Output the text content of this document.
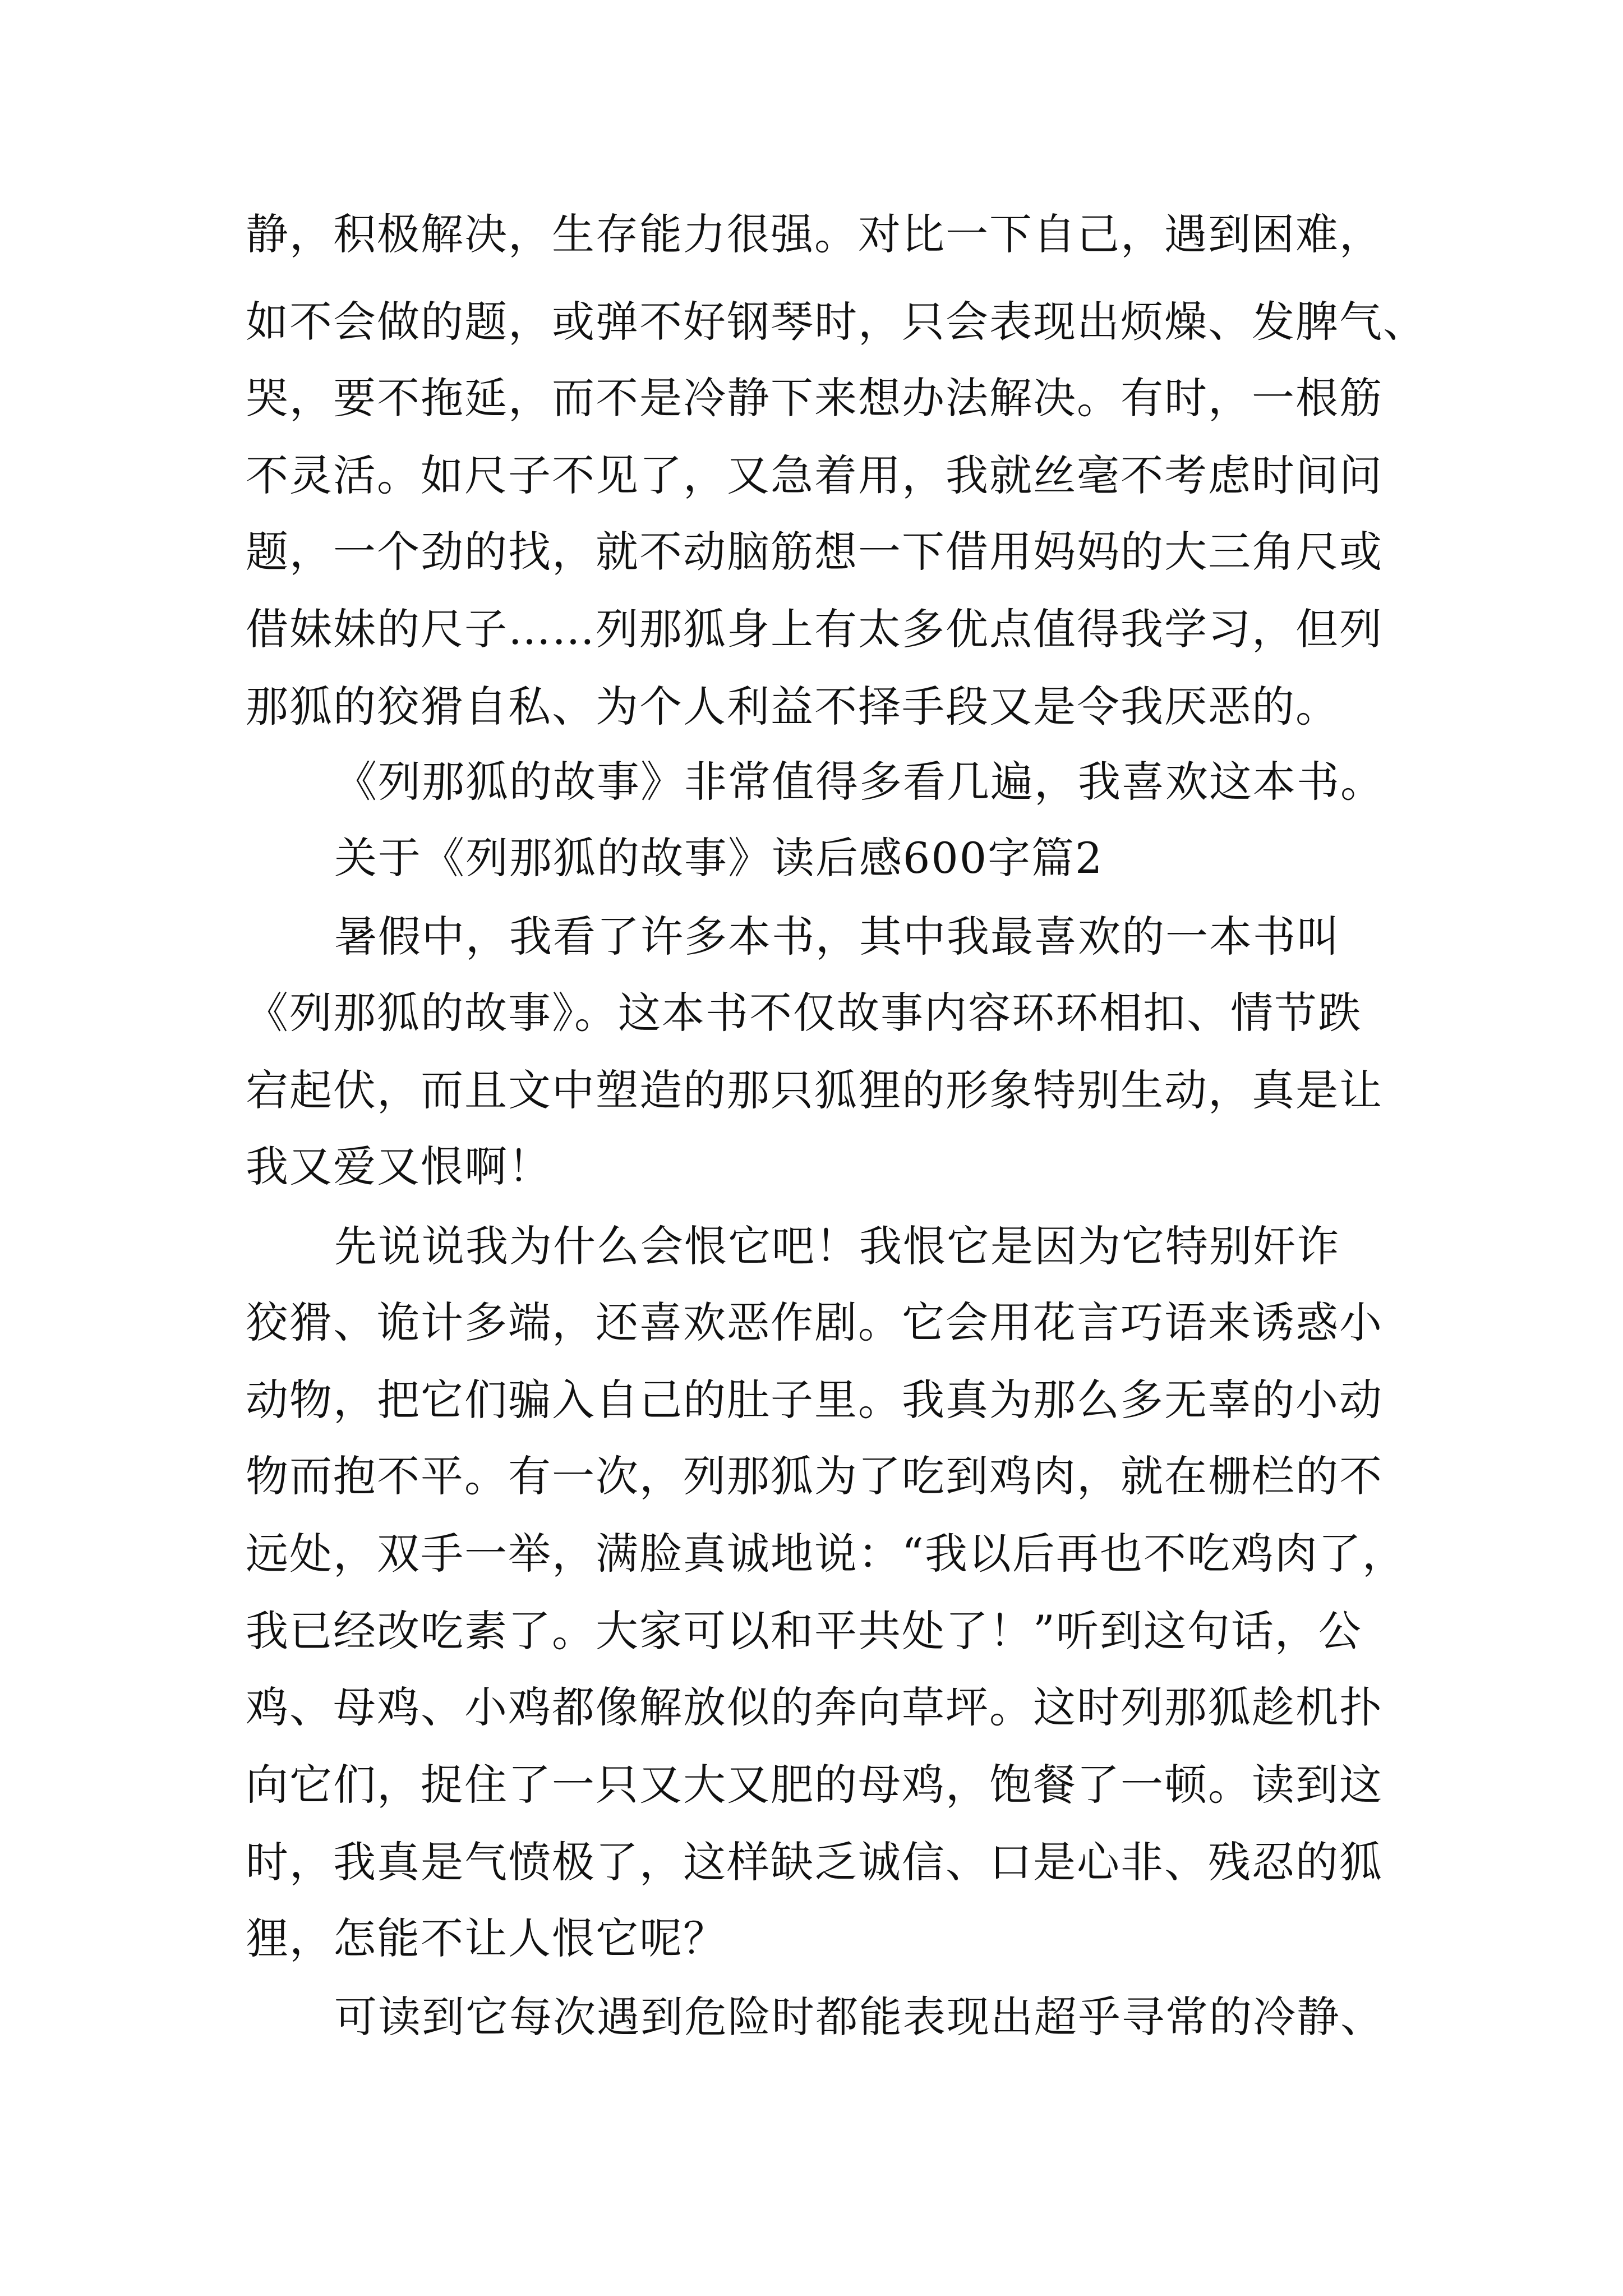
静，积极解决，生存能力很强。对比一下自己，遇到困难，

如不会做的题，或弹不好钢琴时，只会表现出烦燥、发脾气、

哭，要不拖延，而不是冷静下来想办法解决。有时，一根筋

不灵活。如尺子不见了，又急着用，我就丝毫不考虑时间问

题，一个劲的找，就不动脑筋想一下借用妈妈的大三角尺或

借妹妹的尺子……列那狐身上有太多优点值得我学习，但列

那狐的狡猾自私、为个人利益不择手段又是令我厌恶的。

《列那狐的故事》非常值得多看几遍，我喜欢这本书。

关于《列那狐的故事》读后感600字篇2

暑假中，我看了许多本书，其中我最喜欢的一本书叫

《列那狐的故事》。这本书不仅故事内容环环相扣、情节跌

宕起伏，而且文中塑造的那只狐狸的形象特别生动，真是让

我又爱又恨啊！

先说说我为什么会恨它吧！我恨它是因为它特别奸诈

狡猾、诡计多端，还喜欢恶作剧。它会用花言巧语来诱惑小

动物，把它们骗入自己的肚子里。我真为那么多无辜的小动

物而抱不平。有一次，列那狐为了吃到鸡肉，就在栅栏的不

远处，双手一举，满脸真诚地说：“我以后再也不吃鸡肉了，

我已经改吃素了。大家可以和平共处了！”听到这句话，公

鸡、母鸡、小鸡都像解放似的奔向草坪。这时列那狐趁机扑

向它们，捉住了一只又大又肥的母鸡，饱餐了一顿。读到这

时，我真是气愤极了，这样缺乏诚信、口是心非、残忍的狐

狸，怎能不让人恨它呢？

可读到它每次遇到危险时都能表现出超乎寻常的冷静、
